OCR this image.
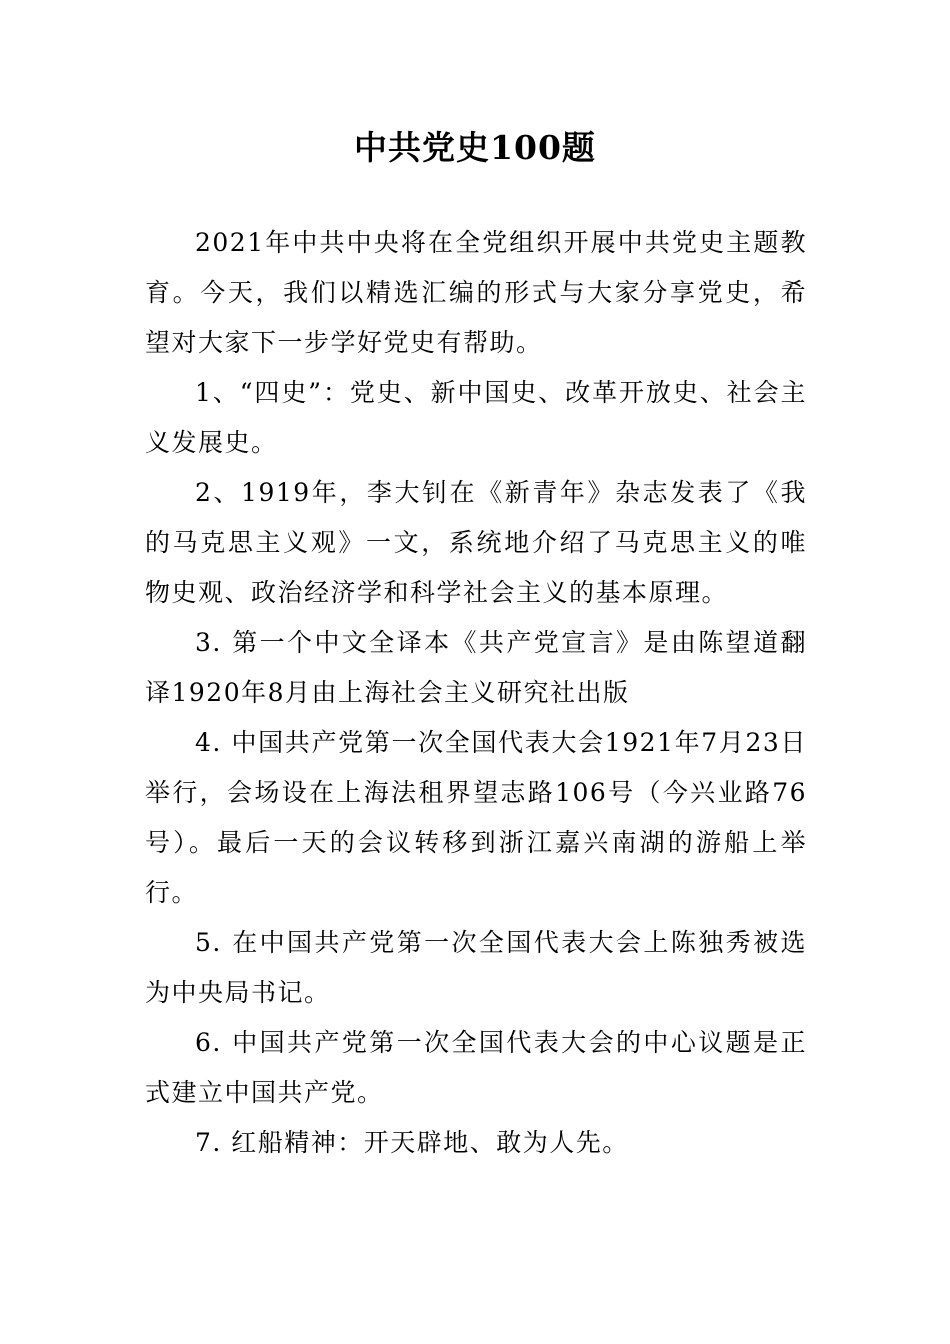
中共党史100题

2021年中共中央将在全党组织开展中共党史主题教育。今天，我们以精选汇编的形式与大家分享党史，希望对大家下一步学好党史有帮助。

1、“四史”：党史、新中国史、改革开放史、社会主义发展史。

2、1919年，李大钊在《新青年》杂志发表了《我的马克思主义观》一文，系统地介绍了马克思主义的唯物史观、政治经济学和科学社会主义的基本原理。

3. 第一个中文全译本《共产党宣言》是由陈望道翻译1920年8月由上海社会主义研究社出版

4. 中国共产党第一次全国代表大会1921年7月23日举行，会场设在上海法租界望志路106号（今兴业路76号）。最后一天的会议转移到浙江嘉兴南湖的游船上举行。

5. 在中国共产党第一次全国代表大会上陈独秀被选为中央局书记。

6. 中国共产党第一次全国代表大会的中心议题是正式建立中国共产党。

7. 红船精神：开天辟地、敢为人先。
